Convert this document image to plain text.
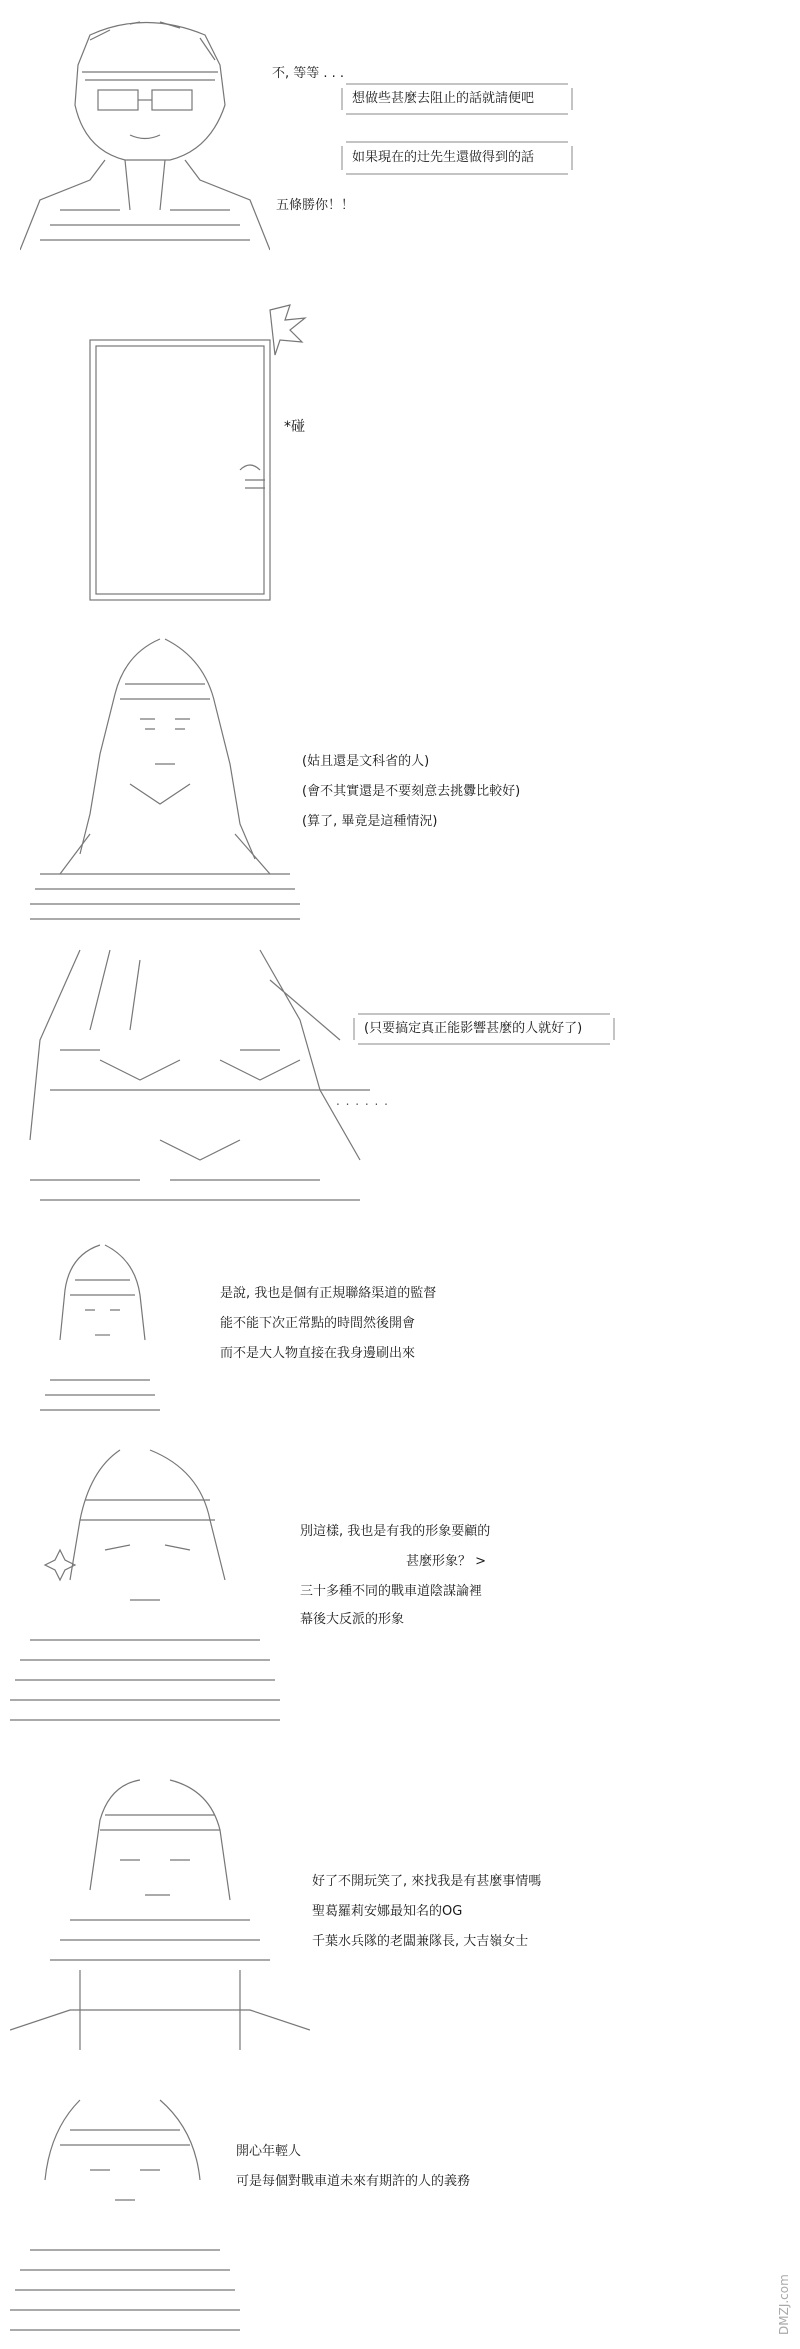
不, 等等 . . .
想做些甚麼去阻止的話就請便吧
如果現在的辻先生還做得到的話
五條勝你！！
*碰
(姑且還是文科省的人)
(會不其實還是不要刻意去挑釁比較好)
(算了, 畢竟是這種情況)
(只要搞定真正能影響甚麼的人就好了)
. . . . . .
是說, 我也是個有正規聯絡渠道的監督
能不能下次正常點的時間然後開會
而不是大人物直接在我身邊刷出來
別這樣, 我也是有我的形象要顧的
甚麼形象？ >
三十多種不同的戰車道陰謀論裡
幕後大反派的形象
好了不開玩笑了, 來找我是有甚麼事情嗎
聖葛羅莉安娜最知名的OG
千葉水兵隊的老闆兼隊長, 大吉嶺女士
開心年輕人
可是每個對戰車道未來有期許的人的義務
DMZJ.com
